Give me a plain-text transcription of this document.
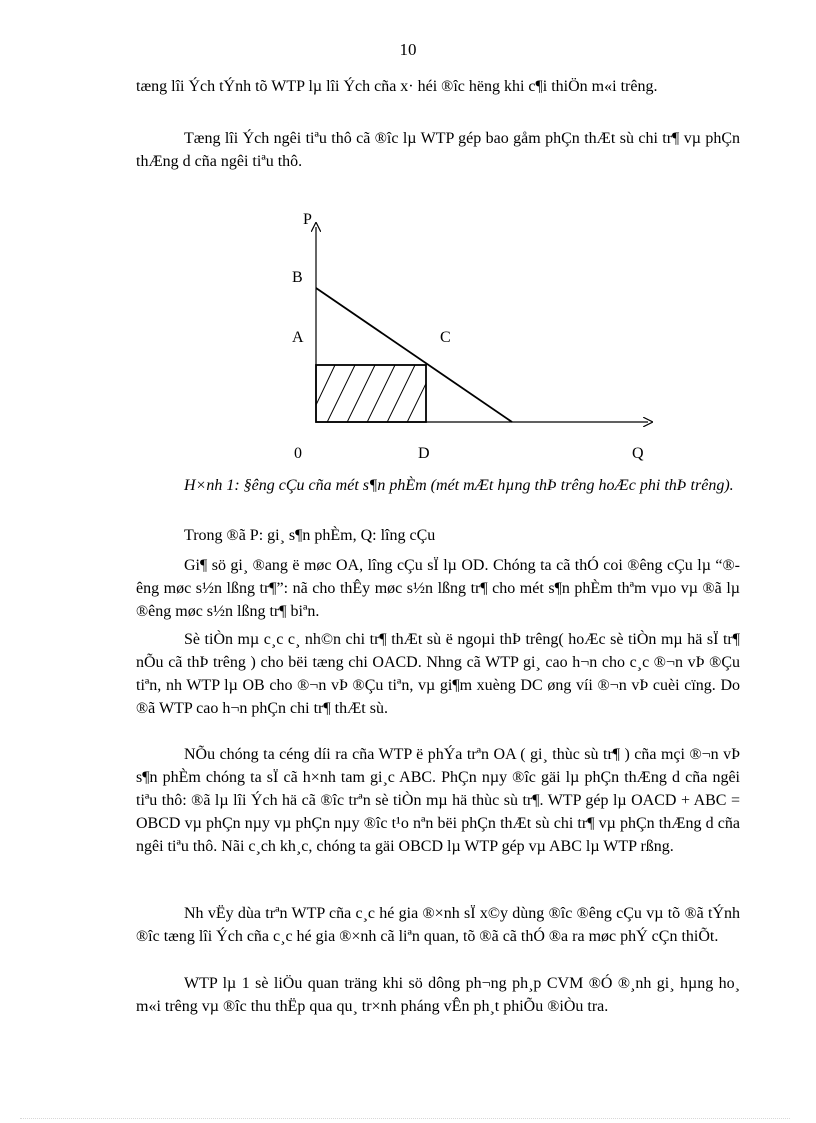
10

tæng lîi Ých tÝnh tõ WTP lµ lîi Ých cña x· héi ®îc hëng khi c¶i thiÖn m«i trêng.

Tæng lîi Ých ngêi tiªu thô cã ®îc lµ WTP gép bao gåm phÇn thÆt sù chi tr¶ vµ phÇn thÆng d cña ngêi tiªu thô.

P
B
A	C
0	D	Q

H×nh 1: §êng cÇu cña mét s¶n phÈm (mét mÆt hµng thÞ trêng hoÆc phi thÞ trêng).

Trong ®ã P: gi¸ s¶n phÈm, Q: lîng cÇu

Gi¶ sö gi¸ ®ang ë møc OA, lîng cÇu sÏ lµ OD. Chóng ta cã thÓ coi ®êng cÇu lµ “®êng møc s½n lßng tr¶”: nã cho thÊy møc s½n lßng tr¶ cho mét s¶n phÈm thªm vµo vµ ®ã lµ ®êng møc s½n lßng tr¶ biªn.

Sè tiÒn mµ c¸c c¸ nh©n chi tr¶ thÆt sù ë ngoµi thÞ trêng( hoÆc sè tiÒn mµ hä sÏ tr¶ nÕu cã thÞ trêng ) cho bëi tæng chi OACD. Nhng cã WTP gi¸ cao h¬n cho c¸c ®¬n vÞ ®Çu tiªn, nh WTP lµ OB cho ®¬n vÞ ®Çu tiªn, vµ gi¶m xuèng DC øng víi ®¬n vÞ cuèi cïng. Do ®ã WTP cao h¬n phÇn chi tr¶ thÆt sù.

NÕu chóng ta céng díi ra cña WTP ë phÝa trªn OA ( gi¸ thùc sù tr¶ ) cña mçi ®¬n vÞ s¶n phÈm chóng ta sÏ cã h×nh tam gi¸c ABC. PhÇn nµy ®îc gäi lµ phÇn thÆng d cña ngêi tiªu thô: ®ã lµ lîi Ých hä cã ®îc trªn sè tiÒn mµ hä thùc sù tr¶. WTP gép lµ OACD + ABC = OBCD vµ phÇn nµy vµ phÇn nµy ®îc t¹o nªn bëi phÇn thÆt sù chi tr¶ vµ phÇn thÆng d cña ngêi tiªu thô. Nãi c¸ch kh¸c, chóng ta gäi OBCD lµ WTP gép vµ ABC lµ WTP rßng.

Nh vËy dùa trªn WTP cña c¸c hé gia ®×nh sÏ x©y dùng ®îc ®êng cÇu vµ tõ ®ã tÝnh ®îc tæng lîi Ých cña c¸c hé gia ®×nh cã liªn quan, tõ ®ã cã thÓ ®a ra møc phÝ cÇn thiÕt.

WTP lµ 1 sè liÖu quan träng khi sö dông ph¬ng ph¸p CVM ®Ó ®¸nh gi¸ hµng ho¸ m«i trêng vµ ®îc thu thËp qua qu¸ tr×nh pháng vÊn ph¸t phiÕu ®iÒu tra.
